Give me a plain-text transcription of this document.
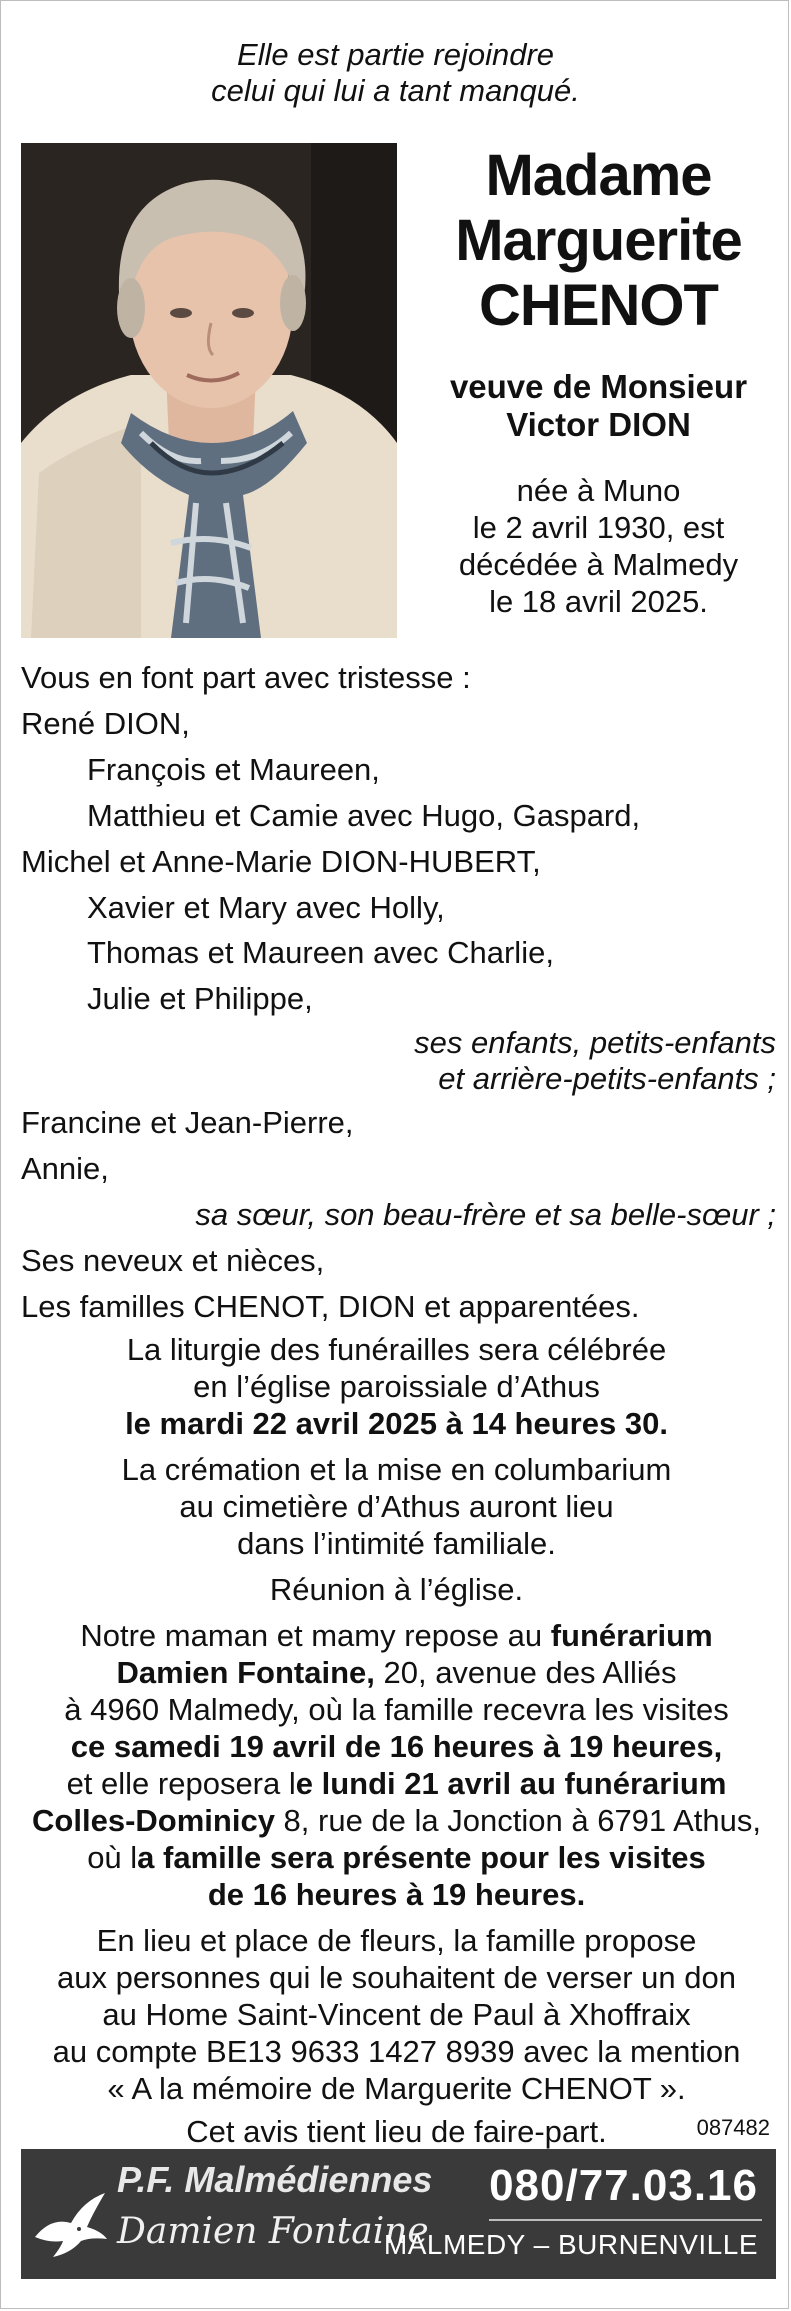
Elle est partie rejoindre
celui qui lui a tant manqué.
Madame
Marguerite
CHENOT
veuve de Monsieur
Victor DION
née à Muno
le 2 avril 1930, est
décédée à Malmedy
le 18 avril 2025.
Vous en font part avec tristesse :
René DION,
François et Maureen,
Matthieu et Camie avec Hugo, Gaspard,
Michel et Anne-Marie DION-HUBERT,
Xavier et Mary avec Holly,
Thomas et Maureen avec Charlie,
Julie et Philippe,
ses enfants, petits-enfants
et arrière-petits-enfants ;
Francine et Jean-Pierre,
Annie,
sa sœur, son beau-frère et sa belle-sœur ;
Ses neveux et nièces,
Les familles CHENOT, DION et apparentées.
La liturgie des funérailles sera célébrée
en l’église paroissiale d’Athus
le mardi 22 avril 2025 à 14 heures 30.
La crémation et la mise en columbarium
au cimetière d’Athus auront lieu
dans l’intimité familiale.
Réunion à l’église.
Notre maman et mamy repose au funérarium
Damien Fontaine, 20, avenue des Alliés
à 4960 Malmedy, où la famille recevra les visites
ce samedi 19 avril de 16 heures à 19 heures,
et elle reposera le lundi 21 avril au funérarium
Colles-Dominicy 8, rue de la Jonction à 6791 Athus,
où la famille sera présente pour les visites
de 16 heures à 19 heures.
En lieu et place de fleurs, la famille propose
aux personnes qui le souhaitent de verser un don
au Home Saint-Vincent de Paul à Xhoffraix
au compte BE13 9633 1427 8939 avec la mention
« A la mémoire de Marguerite CHENOT ».
Cet avis tient lieu de faire-part.	087482
P.F. Malmédiennes
Damien Fontaine
080/77.03.16
MALMEDY – BURNENVILLE
